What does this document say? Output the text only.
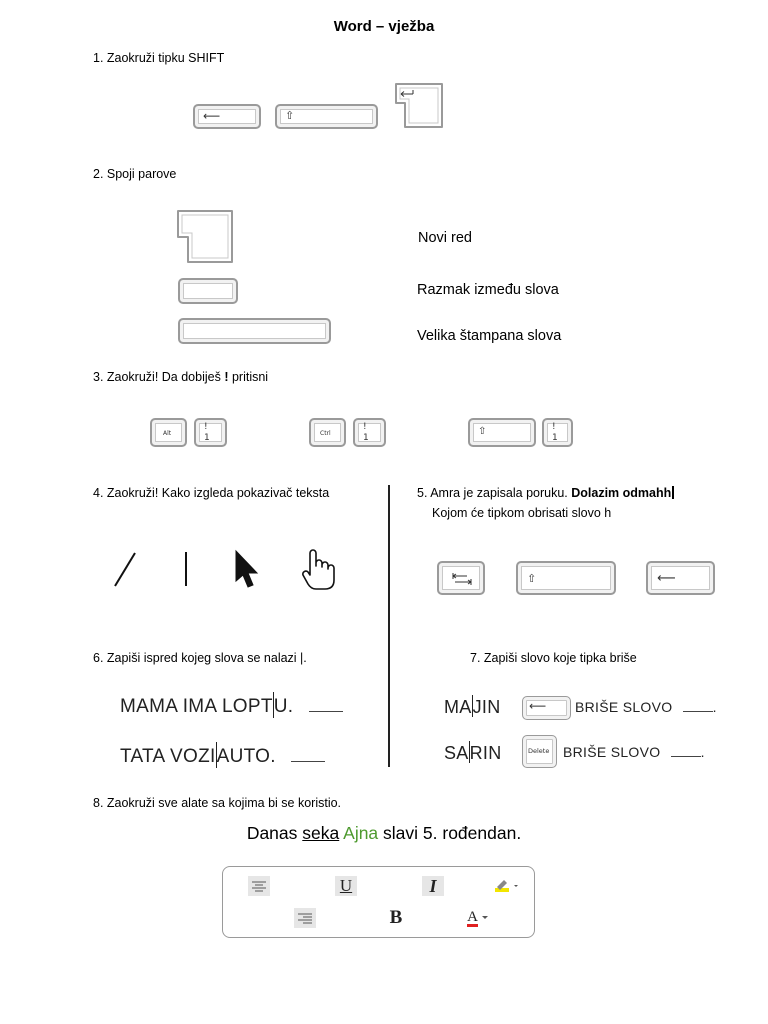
Word – vježba
1. Zaokruži tipku SHIFT
⟵	⇧
2. Spoji parove
Novi red
Razmak između slova
Velika štampana slova
3. Zaokruži! Da dobiješ ! pritisni
Alt
!
1	Ctrl
!
1
⇧	!
1
4. Zaokruži! Kako izgleda pokazivač teksta	5. Amra je zapisala poruku. Dolazim odmahh
Kojom će tipkom obrisati slovo h
⇧	⟵
6. Zapiši ispred kojeg slova se nalazi |.
MAMA IMA LOPTU.
TATA VOZIAUTO.
7. Zapiši slovo koje tipka briše
MAJIN ⟵ BRIŠE SLOVO	.
SARIN	Delete BRIŠE SLOVO	.
8. Zaokruži sve alate sa kojima bi se koristio.
Danas seka Ajna slavi 5. rođendan.
U	I
B	A
